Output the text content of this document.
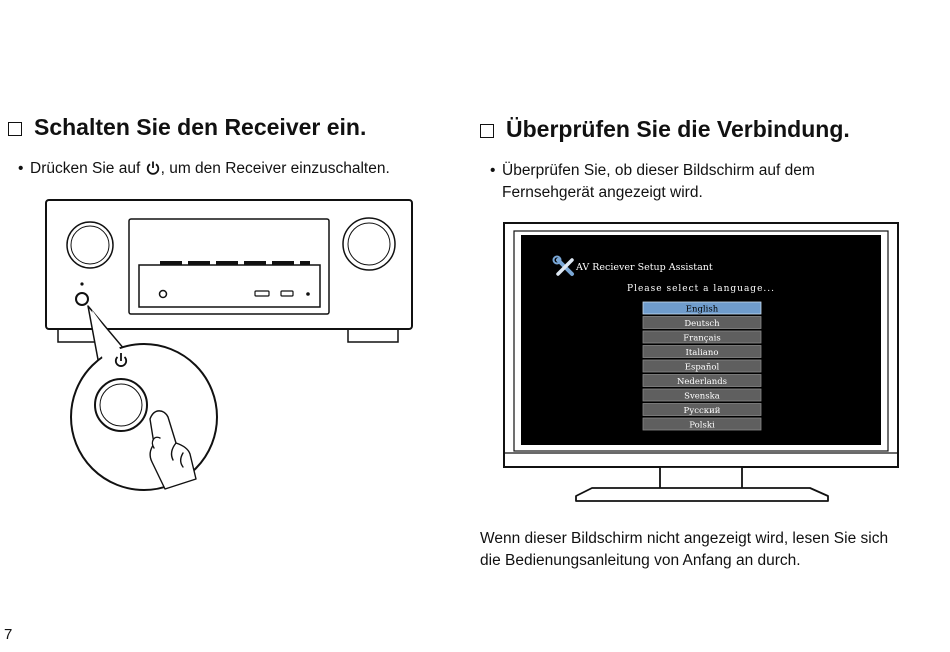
Schalten Sie den Receiver ein.

• Drücken Sie auf , um den Receiver einzuschalten.

Überprüfen Sie die Verbindung.

• Überprüfen Sie, ob dieser Bildschirm auf dem
Fernsehgerät angezeigt wird.

AV Reciever Setup Assistant
Please select a language...
English
Deutsch
Français
Italiano
Español
Nederlands
Svenska
Русский
Polski

Wenn dieser Bildschirm nicht angezeigt wird, lesen Sie sich
die Bedienungsanleitung von Anfang an durch.

7
